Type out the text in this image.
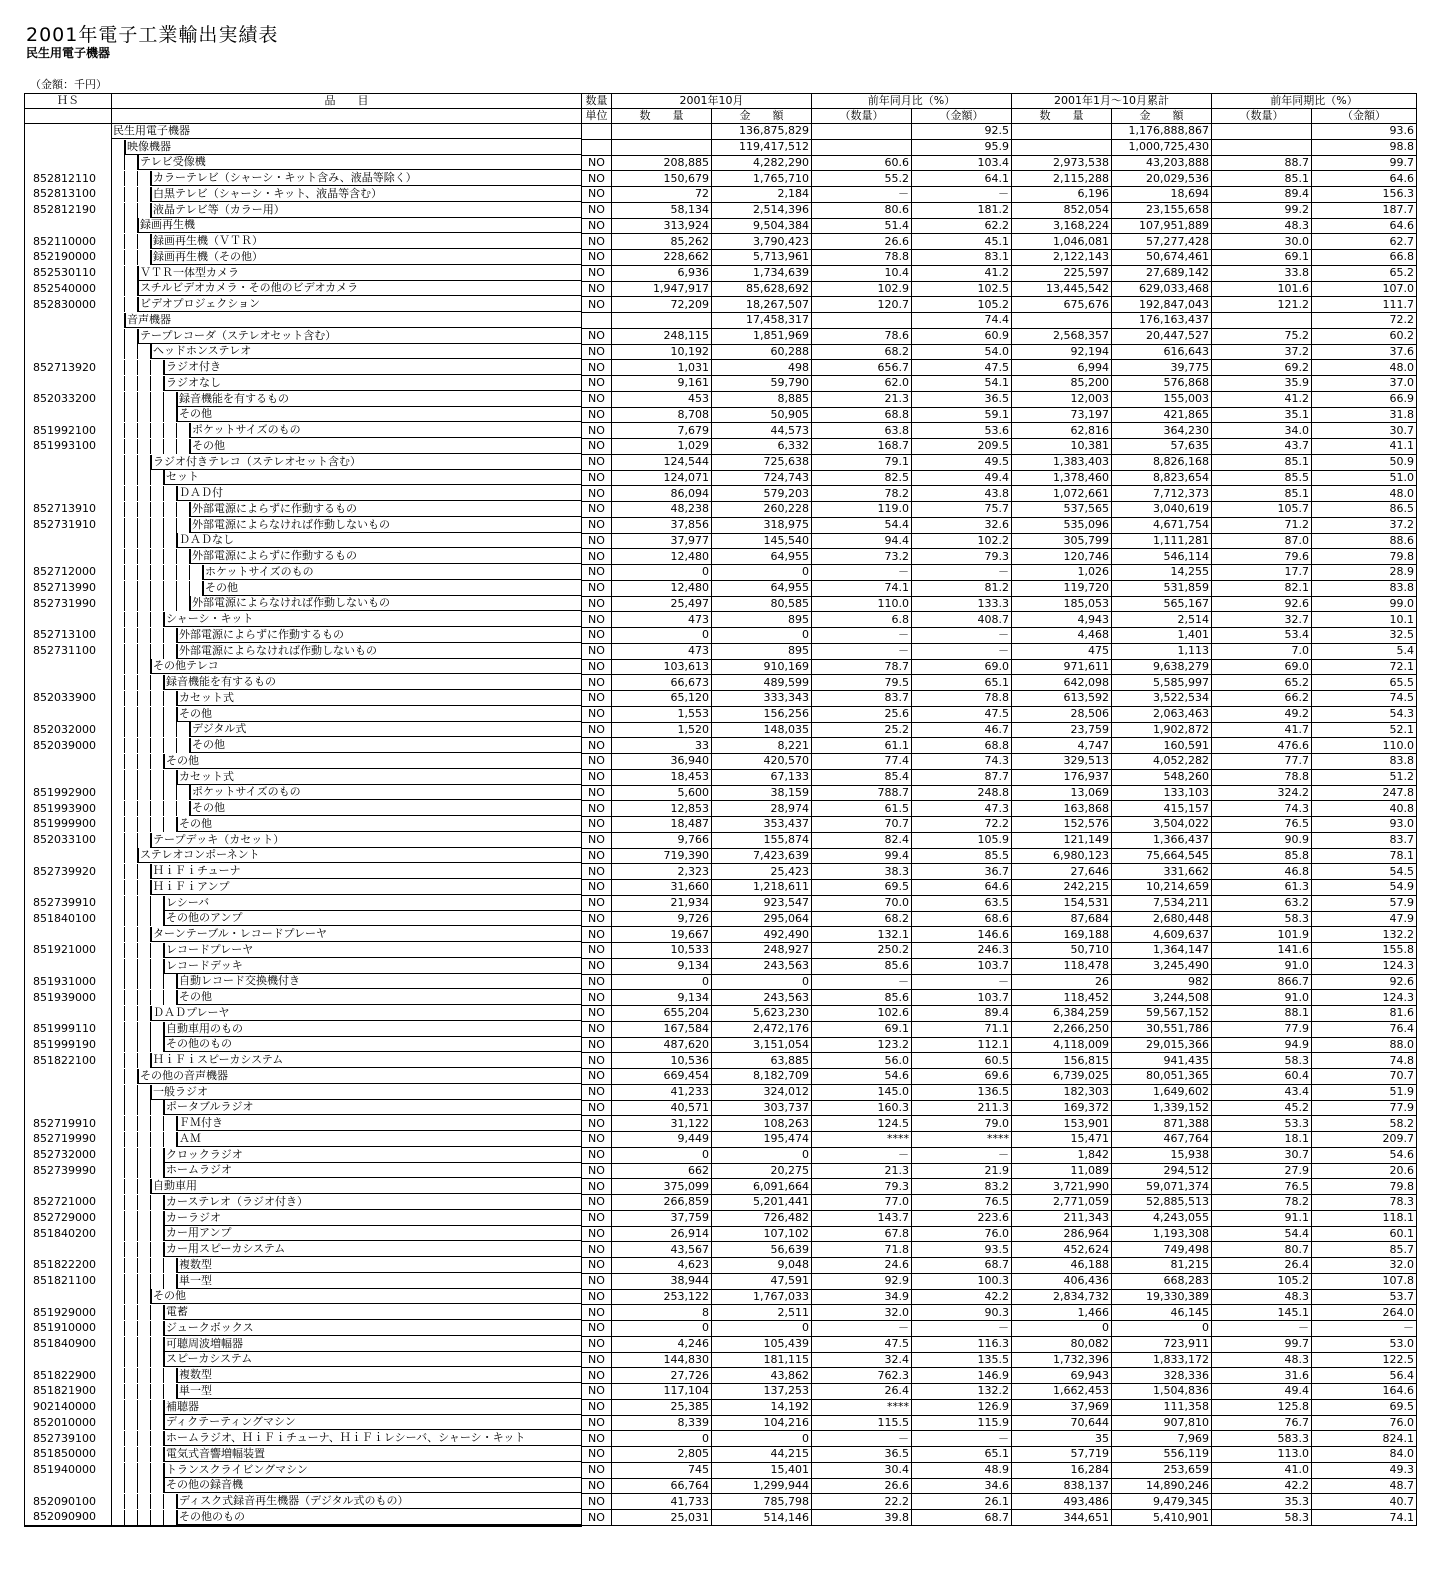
2001年電子工業輸出実績表
民生用電子機器
（金額：千円）
ＨＳ	品　　目	数量	2001年10月		前年同月比（%）		2001年1月～10月累計		前年同期比（%）	
		単位	数　　量	金　　額	（数量）	（金額）	数　　量	金　　額	（数量）	（金額）

	民生用電子機器			136,875,829		92.5		1,176,888,867		93.6

	映像機器			119,417,512		95.9		1,000,725,430		98.8

	テレビ受像機	NO	208,885	4,282,290	60.6	103.4	2,973,538	43,203,888	88.7	99.7
852812110	カラーテレビ（シャーシ・キット含み、液晶等除く）	NO	150,679	1,765,710	55.2	64.1	2,115,288	20,029,536	85.1	64.6
852813100	白黒テレビ（シャーシ・キット、液晶等含む）	NO	72	2,184	－	－	6,196	18,694	89.4	156.3
852812190	液晶テレビ等（カラー用）	NO	58,134	2,514,396	80.6	181.2	852,054	23,155,658	99.2	187.7

	録画再生機	NO	313,924	9,504,384	51.4	62.2	3,168,224	107,951,889	48.3	64.6
852110000	録画再生機（ＶＴＲ）	NO	85,262	3,790,423	26.6	45.1	1,046,081	57,277,428	30.0	62.7
852190000	録画再生機（その他）	NO	228,662	5,713,961	78.8	83.1	2,122,143	50,674,461	69.1	66.8
852530110	ＶＴＲ一体型カメラ	NO	6,936	1,734,639	10.4	41.2	225,597	27,689,142	33.8	65.2
852540000	スチルビデオカメラ・その他のビデオカメラ	NO	1,947,917	85,628,692	102.9	102.5	13,445,542	629,033,468	101.6	107.0
852830000	ビデオプロジェクション	NO	72,209	18,267,507	120.7	105.2	675,676	192,847,043	121.2	111.7

	音声機器			17,458,317		74.4		176,163,437		72.2

	テープレコーダ（ステレオセット含む）	NO	248,115	1,851,969	78.6	60.9	2,568,357	20,447,527	75.2	60.2

	ヘッドホンステレオ	NO	10,192	60,288	68.2	54.0	92,194	616,643	37.2	37.6
852713920	ラジオ付き	NO	1,031	498	656.7	47.5	6,994	39,775	69.2	48.0

	ラジオなし	NO	9,161	59,790	62.0	54.1	85,200	576,868	35.9	37.0
852033200	録音機能を有するもの	NO	453	8,885	21.3	36.5	12,003	155,003	41.2	66.9

	その他	NO	8,708	50,905	68.8	59.1	73,197	421,865	35.1	31.8
851992100	ポケットサイズのもの	NO	7,679	44,573	63.8	53.6	62,816	364,230	34.0	30.7
851993100	その他	NO	1,029	6,332	168.7	209.5	10,381	57,635	43.7	41.1

	ラジオ付きテレコ（ステレオセット含む）	NO	124,544	725,638	79.1	49.5	1,383,403	8,826,168	85.1	50.9

	セット	NO	124,071	724,743	82.5	49.4	1,378,460	8,823,654	85.5	51.0

	ＤＡＤ付	NO	86,094	579,203	78.2	43.8	1,072,661	7,712,373	85.1	48.0
852713910	外部電源によらずに作動するもの	NO	48,238	260,228	119.0	75.7	537,565	3,040,619	105.7	86.5
852731910	外部電源によらなければ作動しないもの	NO	37,856	318,975	54.4	32.6	535,096	4,671,754	71.2	37.2

	ＤＡＤなし	NO	37,977	145,540	94.4	102.2	305,799	1,111,281	87.0	88.6

	外部電源によらずに作動するもの	NO	12,480	64,955	73.2	79.3	120,746	546,114	79.6	79.8
852712000	ホケットサイズのもの	NO	0	0	－	－	1,026	14,255	17.7	28.9
852713990	その他	NO	12,480	64,955	74.1	81.2	119,720	531,859	82.1	83.8
852731990	外部電源によらなければ作動しないもの	NO	25,497	80,585	110.0	133.3	185,053	565,167	92.6	99.0

	シャーシ・キット	NO	473	895	6.8	408.7	4,943	2,514	32.7	10.1
852713100	外部電源によらずに作動するもの	NO	0	0	－	－	4,468	1,401	53.4	32.5
852731100	外部電源によらなければ作動しないもの	NO	473	895	－	－	475	1,113	7.0	5.4

	その他テレコ	NO	103,613	910,169	78.7	69.0	971,611	9,638,279	69.0	72.1

	録音機能を有するもの	NO	66,673	489,599	79.5	65.1	642,098	5,585,997	65.2	65.5
852033900	カセット式	NO	65,120	333,343	83.7	78.8	613,592	3,522,534	66.2	74.5

	その他	NO	1,553	156,256	25.6	47.5	28,506	2,063,463	49.2	54.3
852032000	デジタル式	NO	1,520	148,035	25.2	46.7	23,759	1,902,872	41.7	52.1
852039000	その他	NO	33	8,221	61.1	68.8	4,747	160,591	476.6	110.0

	その他	NO	36,940	420,570	77.4	74.3	329,513	4,052,282	77.7	83.8

	カセット式	NO	18,453	67,133	85.4	87.7	176,937	548,260	78.8	51.2
851992900	ポケットサイズのもの	NO	5,600	38,159	788.7	248.8	13,069	133,103	324.2	247.8
851993900	その他	NO	12,853	28,974	61.5	47.3	163,868	415,157	74.3	40.8
851999900	その他	NO	18,487	353,437	70.7	72.2	152,576	3,504,022	76.5	93.0
852033100	テープデッキ（カセット）	NO	9,766	155,874	82.4	105.9	121,149	1,366,437	90.9	83.7

	ステレオコンポーネント	NO	719,390	7,423,639	99.4	85.5	6,980,123	75,664,545	85.8	78.1
852739920	ＨｉＦｉチューナ	NO	2,323	25,423	38.3	36.7	27,646	331,662	46.8	54.5

	ＨｉＦｉアンプ	NO	31,660	1,218,611	69.5	64.6	242,215	10,214,659	61.3	54.9
852739910	レシーバ	NO	21,934	923,547	70.0	63.5	154,531	7,534,211	63.2	57.9
851840100	その他のアンプ	NO	9,726	295,064	68.2	68.6	87,684	2,680,448	58.3	47.9

	ターンテーブル・レコードプレーヤ	NO	19,667	492,490	132.1	146.6	169,188	4,609,637	101.9	132.2
851921000	レコードプレーヤ	NO	10,533	248,927	250.2	246.3	50,710	1,364,147	141.6	155.8

	レコードデッキ	NO	9,134	243,563	85.6	103.7	118,478	3,245,490	91.0	124.3
851931000	自動レコード交換機付き	NO	0	0	－	－	26	982	866.7	92.6
851939000	その他	NO	9,134	243,563	85.6	103.7	118,452	3,244,508	91.0	124.3

	ＤＡＤプレーヤ	NO	655,204	5,623,230	102.6	89.4	6,384,259	59,567,152	88.1	81.6
851999110	自動車用のもの	NO	167,584	2,472,176	69.1	71.1	2,266,250	30,551,786	77.9	76.4
851999190	その他のもの	NO	487,620	3,151,054	123.2	112.1	4,118,009	29,015,366	94.9	88.0
851822100	ＨｉＦｉスピーカシステム	NO	10,536	63,885	56.0	60.5	156,815	941,435	58.3	74.8

	その他の音声機器	NO	669,454	8,182,709	54.6	69.6	6,739,025	80,051,365	60.4	70.7

	一般ラジオ	NO	41,233	324,012	145.0	136.5	182,303	1,649,602	43.4	51.9

	ポータブルラジオ	NO	40,571	303,737	160.3	211.3	169,372	1,339,152	45.2	77.9
852719910	ＦＭ付き	NO	31,122	108,263	124.5	79.0	153,901	871,388	53.3	58.2
852719990	ＡＭ	NO	9,449	195,474	****	****	15,471	467,764	18.1	209.7
852732000	クロックラジオ	NO	0	0	－	－	1,842	15,938	30.7	54.6
852739990	ホームラジオ	NO	662	20,275	21.3	21.9	11,089	294,512	27.9	20.6

	自動車用	NO	375,099	6,091,664	79.3	83.2	3,721,990	59,071,374	76.5	79.8
852721000	カーステレオ（ラジオ付き）	NO	266,859	5,201,441	77.0	76.5	2,771,059	52,885,513	78.2	78.3
852729000	カーラジオ	NO	37,759	726,482	143.7	223.6	211,343	4,243,055	91.1	118.1
851840200	カー用アンプ	NO	26,914	107,102	67.8	76.0	286,964	1,193,308	54.4	60.1

	カー用スピーカシステム	NO	43,567	56,639	71.8	93.5	452,624	749,498	80.7	85.7
851822200	複数型	NO	4,623	9,048	24.6	68.7	46,188	81,215	26.4	32.0
851821100	単一型	NO	38,944	47,591	92.9	100.3	406,436	668,283	105.2	107.8

	その他	NO	253,122	1,767,033	34.9	42.2	2,834,732	19,330,389	48.3	53.7
851929000	電蓄	NO	8	2,511	32.0	90.3	1,466	46,145	145.1	264.0
851910000	ジュークボックス	NO	0	0	－	－	0	0	－	－
851840900	可聴周波増幅器	NO	4,246	105,439	47.5	116.3	80,082	723,911	99.7	53.0

	スピーカシステム	NO	144,830	181,115	32.4	135.5	1,732,396	1,833,172	48.3	122.5
851822900	複数型	NO	27,726	43,862	762.3	146.9	69,943	328,336	31.6	56.4
851821900	単一型	NO	117,104	137,253	26.4	132.2	1,662,453	1,504,836	49.4	164.6
902140000	補聴器	NO	25,385	14,192	****	126.9	37,969	111,358	125.8	69.5
852010000	ディクテーティングマシン	NO	8,339	104,216	115.5	115.9	70,644	907,810	76.7	76.0
852739100	ホームラジオ、ＨｉＦｉチューナ、ＨｉＦｉレシーバ、シャーシ・キット	NO	0	0	－	－	35	7,969	583.3	824.1
851850000	電気式音響増幅装置	NO	2,805	44,215	36.5	65.1	57,719	556,119	113.0	84.0
851940000	トランスクライビングマシン	NO	745	15,401	30.4	48.9	16,284	253,659	41.0	49.3

	その他の録音機	NO	66,764	1,299,944	26.6	34.6	838,137	14,890,246	42.2	48.7
852090100	ディスク式録音再生機器（デジタル式のもの）	NO	41,733	785,798	22.2	26.1	493,486	9,479,345	35.3	40.7
852090900	その他のもの	NO	25,031	514,146	39.8	68.7	344,651	5,410,901	58.3	74.1
